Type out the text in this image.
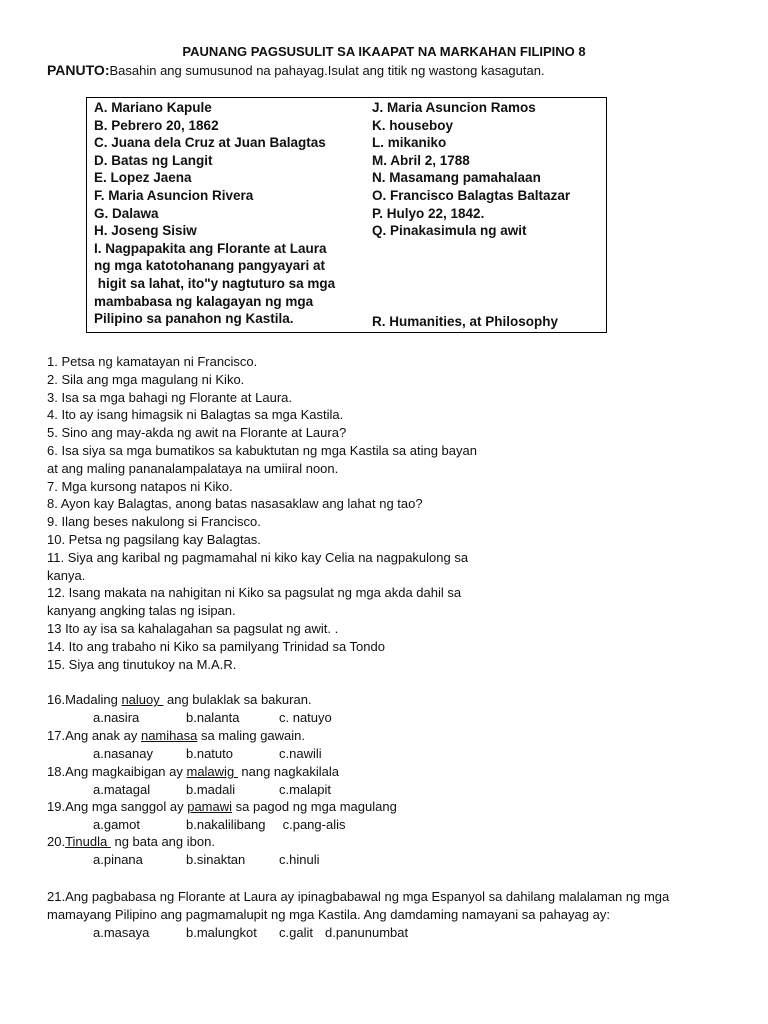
PAUNANG PAGSUSULIT SA IKAAPAT NA MARKAHAN FILIPINO 8
PANUTO:Basahin ang sumusunod na pahayag.Isulat ang titik ng wastong kasagutan.
A. Mariano Kapule
B. Pebrero 20, 1862
C. Juana dela Cruz at Juan Balagtas
D. Batas ng Langit
E. Lopez Jaena
F. Maria Asuncion Rivera
G. Dalawa
H. Joseng Sisiw
I. Nagpapakita ang Florante at Laura
ng mga katotohanang pangyayari at
higit sa lahat, ito"y nagtuturo sa mga
mambabasa ng kalagayan ng mga
Pilipino sa panahon ng Kastila.
J. Maria Asuncion Ramos
K. houseboy
L. mikaniko
M. Abril 2, 1788
N. Masamang pamahalaan
O. Francisco Balagtas Baltazar
P. Hulyo 22, 1842.
Q. Pinakasimula ng awit
R. Humanities, at Philosophy
1. Petsa ng kamatayan ni Francisco.
2. Sila ang mga magulang ni Kiko.
3. Isa sa mga bahagi ng Florante at Laura.
4. Ito ay isang himagsik ni Balagtas sa mga Kastila.
5. Sino ang may-akda ng awit na Florante at Laura?
6. Isa siya sa mga bumatikos sa kabuktutan ng mga Kastila sa ating bayan
at ang maling pananalampalataya na umiiral noon.
7. Mga kursong natapos ni Kiko.
8. Ayon kay Balagtas, anong batas nasasaklaw ang lahat ng tao?
9. Ilang beses nakulong si Francisco.
10. Petsa ng pagsilang kay Balagtas.
11. Siya ang karibal ng pagmamahal ni kiko kay Celia na nagpakulong sa
kanya.
12. Isang makata na nahigitan ni Kiko sa pagsulat ng mga akda dahil sa
kanyang angking talas ng isipan.
13 Ito ay isa sa kahalagahan sa pagsulat ng awit. .
14. Ito ang trabaho ni Kiko sa pamilyang Trinidad sa Tondo
15. Siya ang tinutukoy na M.A.R.
16.Madaling naluoy  ang bulaklak sa bakuran.
a.nasira	b.nalanta	c. natuyo
17.Ang anak ay namihasa sa maling gawain.
a.nasanay	b.natuto	c.nawili
18.Ang magkaibigan ay malawig  nang nagkakilala
a.matagal	b.madali	c.malapit
19.Ang mga sanggol ay pamawi sa pagod ng mga magulang
a.gamot	b.nakalilibang c.pang-alis
20.Tinudla  ng bata ang ibon.
a.pinana	b.sinaktan	c.hinuli
21.Ang pagbabasa ng Florante at Laura ay ipinagbabawal ng mga Espanyol sa dahilang malalaman ng mga mamayang Pilipino ang pagmamalupit ng mga Kastila. Ang damdaming namayani sa pahayag ay:
a.masaya	b.malungkot c.galit d.panunumbat
